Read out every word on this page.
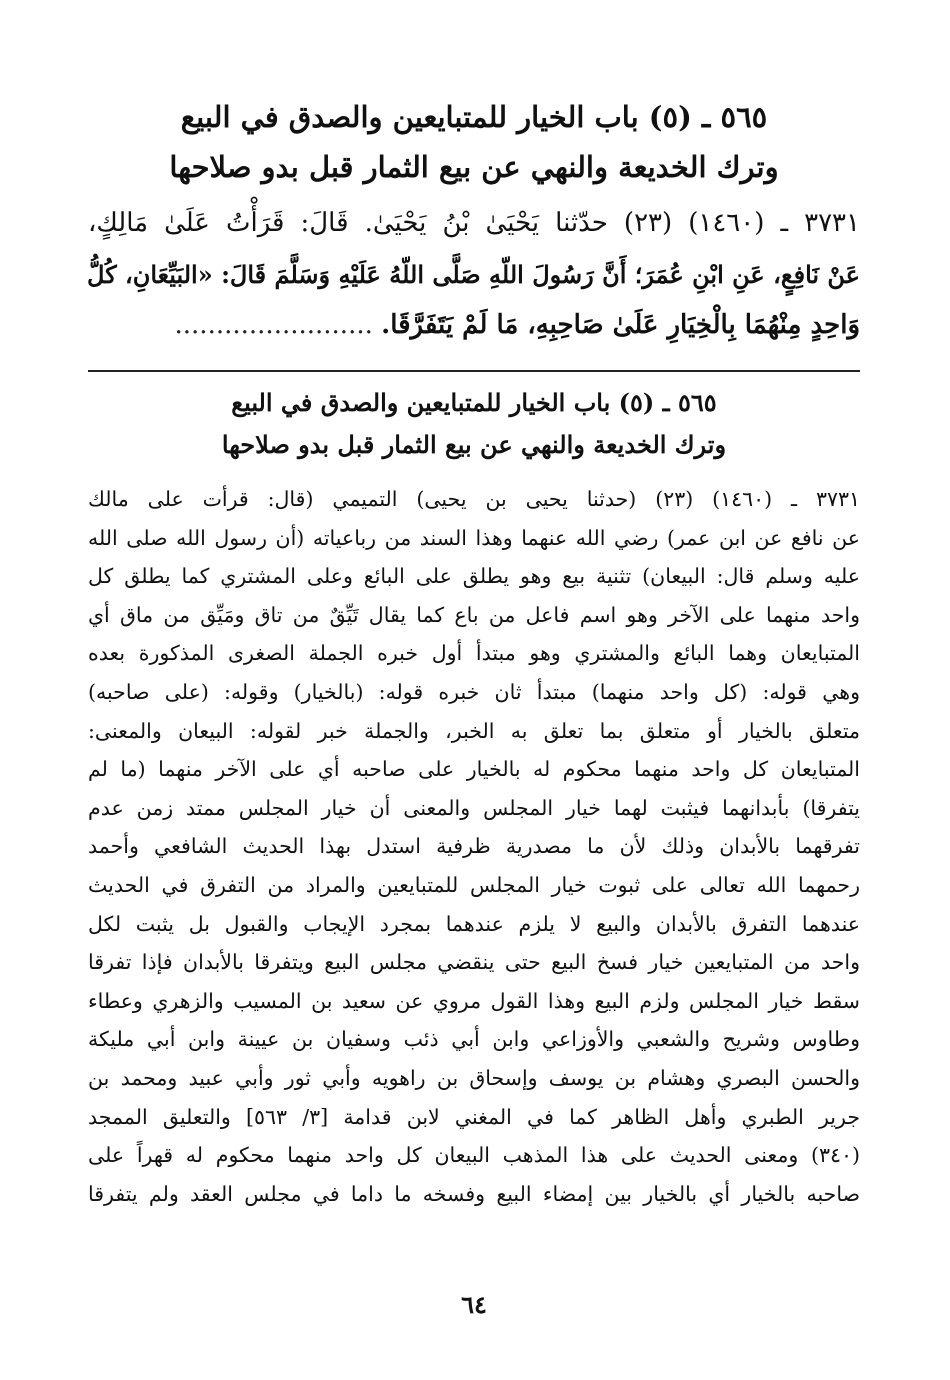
٥٦٥ ـ (٥) باب الخيار للمتبايعين والصدق في البيع
وترك الخديعة والنهي عن بيع الثمار قبل بدو صلاحها
٣٧٣١ ـ (١٤٦٠) (٢٣) حدّثنا يَحْيَىٰ بْنُ يَحْيَىٰ. قَالَ: قَرَأْتُ عَلَىٰ مَالِكٍ،
عَنْ نَافِعٍ، عَنِ ابْنِ عُمَرَ؛ أَنَّ رَسُولَ اللّهِ صَلَّى اللّهُ عَلَيْهِ وَسَلَّمَ قَالَ: «البَيِّعَانِ، كُلُّ
وَاحِدٍ مِنْهُمَا بِالْخِيَارِ عَلَىٰ صَاحِبِهِ، مَا لَمْ يَتَفَرَّقَا. ........................
٥٦٥ ـ (٥) باب الخيار للمتبايعين والصدق في البيع
وترك الخديعة والنهي عن بيع الثمار قبل بدو صلاحها
٣٧٣١ ـ (١٤٦٠) (٢٣) (حدثنا يحيى بن يحيى) التميمي (قال: قرأت على مالك
عن نافع عن ابن عمر) رضي الله عنهما وهذا السند من رباعياته (أن رسول الله صلى الله
عليه وسلم قال: البيعان) تثنية بيع وهو يطلق على البائع وعلى المشتري كما يطلق كل
واحد منهما على الآخر وهو اسم فاعل من باع كما يقال تَيِّقٌ من تاق ومَيِّق من ماق أي
المتبايعان وهما البائع والمشتري وهو مبتدأ أول خبره الجملة الصغرى المذكورة بعده
وهي قوله: (كل واحد منهما) مبتدأ ثان خبره قوله: (بالخيار) وقوله: (على صاحبه)
متعلق بالخيار أو متعلق بما تعلق به الخبر، والجملة خبر لقوله: البيعان والمعنى:
المتبايعان كل واحد منهما محكوم له بالخيار على صاحبه أي على الآخر منهما (ما لم
يتفرقا) بأبدانهما فيثبت لهما خيار المجلس والمعنى أن خيار المجلس ممتد زمن عدم
تفرقهما بالأبدان وذلك لأن ما مصدرية ظرفية استدل بهذا الحديث الشافعي وأحمد
رحمهما الله تعالى على ثبوت خيار المجلس للمتبايعين والمراد من التفرق في الحديث
عندهما التفرق بالأبدان والبيع لا يلزم عندهما بمجرد الإيجاب والقبول بل يثبت لكل
واحد من المتبايعين خيار فسخ البيع حتى ينقضي مجلس البيع ويتفرقا بالأبدان فإذا تفرقا
سقط خيار المجلس ولزم البيع وهذا القول مروي عن سعيد بن المسيب والزهري وعطاء
وطاوس وشريح والشعبي والأوزاعي وابن أبي ذئب وسفيان بن عيينة وابن أبي مليكة
والحسن البصري وهشام بن يوسف وإسحاق بن راهويه وأبي ثور وأبي عبيد ومحمد بن
جرير الطبري وأهل الظاهر كما في المغني لابن قدامة [٣/ ٥٦٣] والتعليق الممجد
(٣٤٠) ومعنى الحديث على هذا المذهب البيعان كل واحد منهما محكوم له قهراً على
صاحبه بالخيار أي بالخيار بين إمضاء البيع وفسخه ما داما في مجلس العقد ولم يتفرقا
٦٤
